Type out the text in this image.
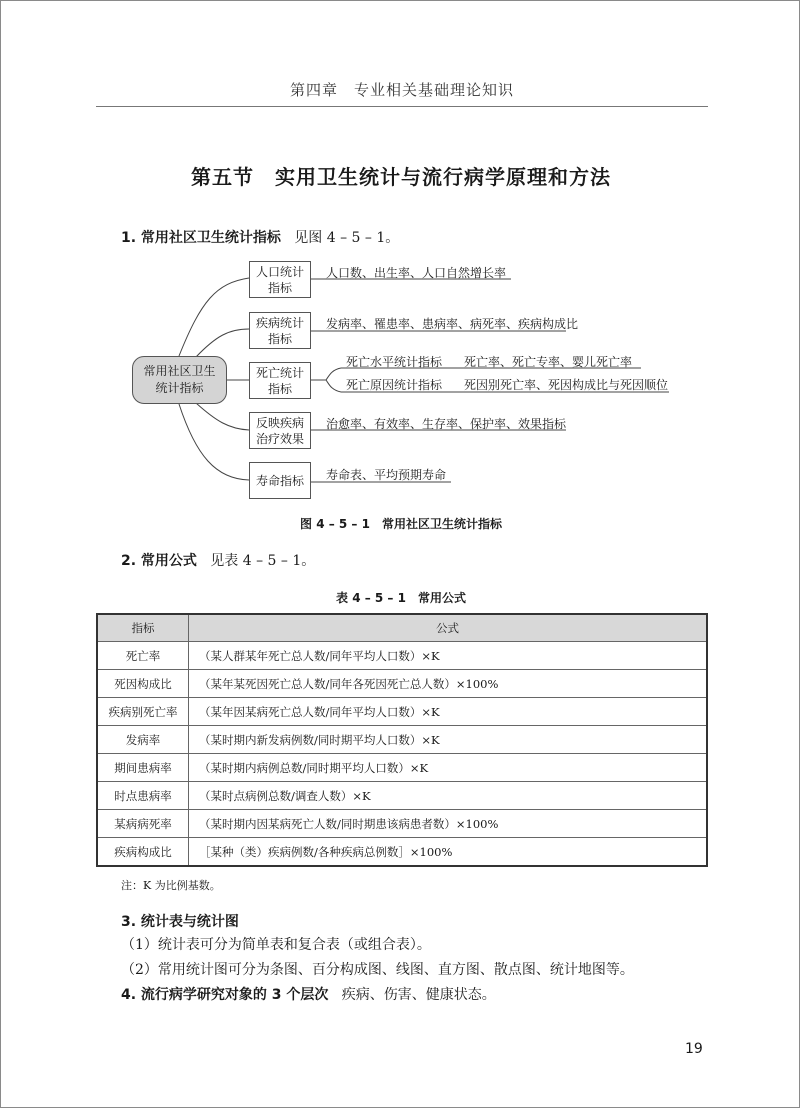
第四章　专业相关基础理论知识
第五节　实用卫生统计与流行病学原理和方法
1. 常用社区卫生统计指标 见图 4 – 5 – 1。
常用社区卫生统计指标
人口统计指标
疾病统计指标
死亡统计指标
反映疾病治疗效果
寿命指标
人口数、出生率、人口自然增长率
发病率、罹患率、患病率、病死率、疾病构成比
死亡水平统计指标 死亡率、死亡专率、婴儿死亡率
死亡原因统计指标 死因别死亡率、死因构成比与死因顺位
治愈率、有效率、生存率、保护率、效果指标
寿命表、平均预期寿命
图 4 – 5 – 1　常用社区卫生统计指标
2. 常用公式 见表 4 – 5 – 1。
表 4 – 5 – 1　常用公式
指标	公式
死亡率	（某人群某年死亡总人数/同年平均人口数）×K
死因构成比	（某年某死因死亡总人数/同年各死因死亡总人数）×100%
疾病别死亡率	（某年因某病死亡总人数/同年平均人口数）×K
发病率	（某时期内新发病例数/同时期平均人口数）×K
期间患病率	（某时期内病例总数/同时期平均人口数）×K
时点患病率	（某时点病例总数/调查人数）×K
某病病死率	（某时期内因某病死亡人数/同时期患该病患者数）×100%
疾病构成比	［某种（类）疾病例数/各种疾病总例数］×100%
注：K 为比例基数。
3. 统计表与统计图
（1）统计表可分为简单表和复合表（或组合表）。
（2）常用统计图可分为条图、百分构成图、线图、直方图、散点图、统计地图等。
4. 流行病学研究对象的 3 个层次 疾病、伤害、健康状态。
19
